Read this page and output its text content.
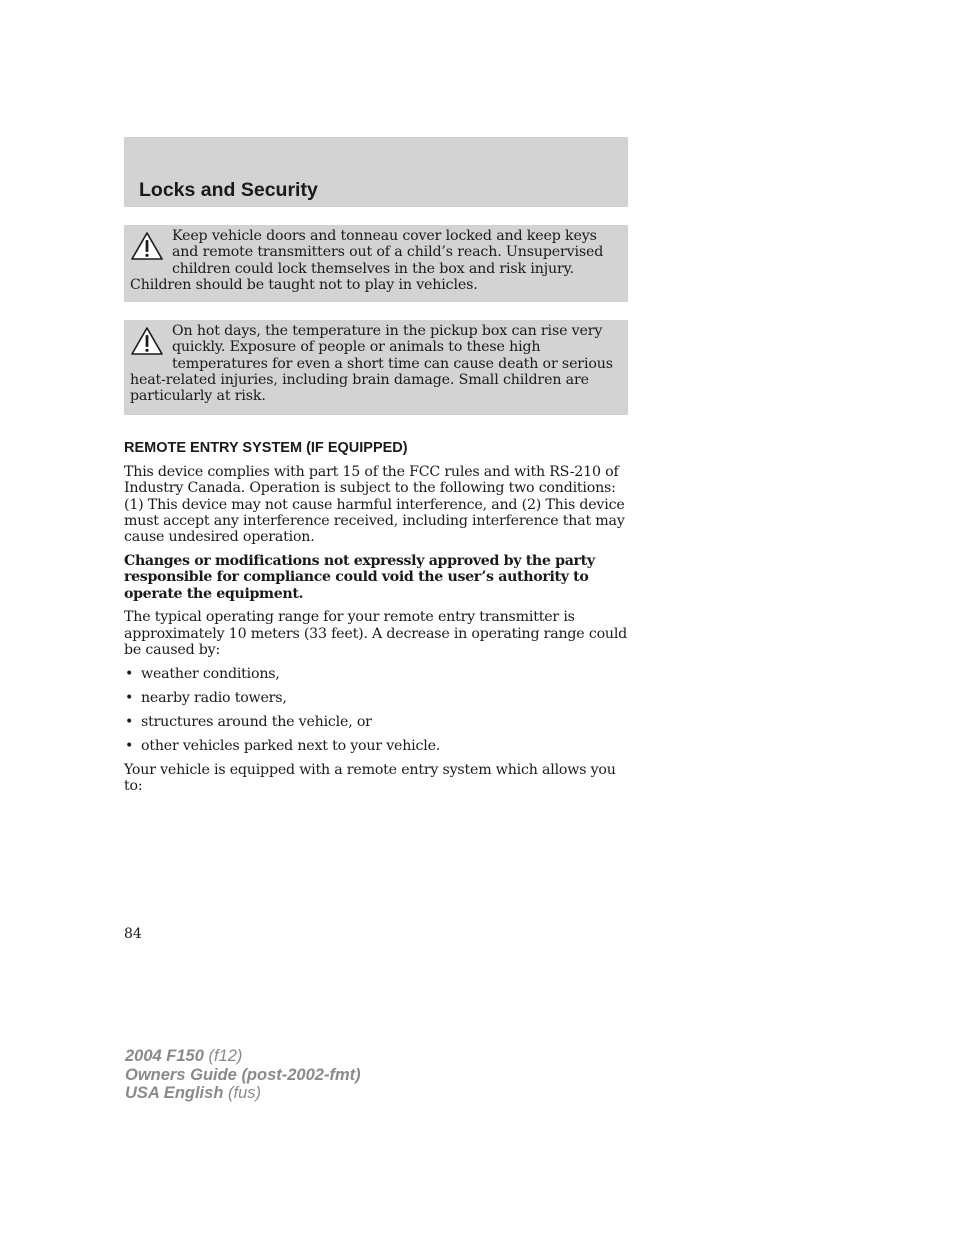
Locks and Security

Keep vehicle doors and tonneau cover locked and keep keys and remote transmitters out of a child’s reach. Unsupervised children could lock themselves in the box and risk injury. Children should be taught not to play in vehicles.

On hot days, the temperature in the pickup box can rise very quickly. Exposure of people or animals to these high temperatures for even a short time can cause death or serious heat-related injuries, including brain damage. Small children are particularly at risk.

REMOTE ENTRY SYSTEM (IF EQUIPPED)

This device complies with part 15 of the FCC rules and with RS-210 of Industry Canada. Operation is subject to the following two conditions: (1) This device may not cause harmful interference, and (2) This device must accept any interference received, including interference that may cause undesired operation.

Changes or modifications not expressly approved by the party responsible for compliance could void the user’s authority to operate the equipment.

The typical operating range for your remote entry transmitter is approximately 10 meters (33 feet). A decrease in operating range could be caused by:

• weather conditions,
• nearby radio towers,
• structures around the vehicle, or
• other vehicles parked next to your vehicle.

Your vehicle is equipped with a remote entry system which allows you to:

84

2004 F150 (f12)

Owners Guide (post-2002-fmt)

USA English (fus)
